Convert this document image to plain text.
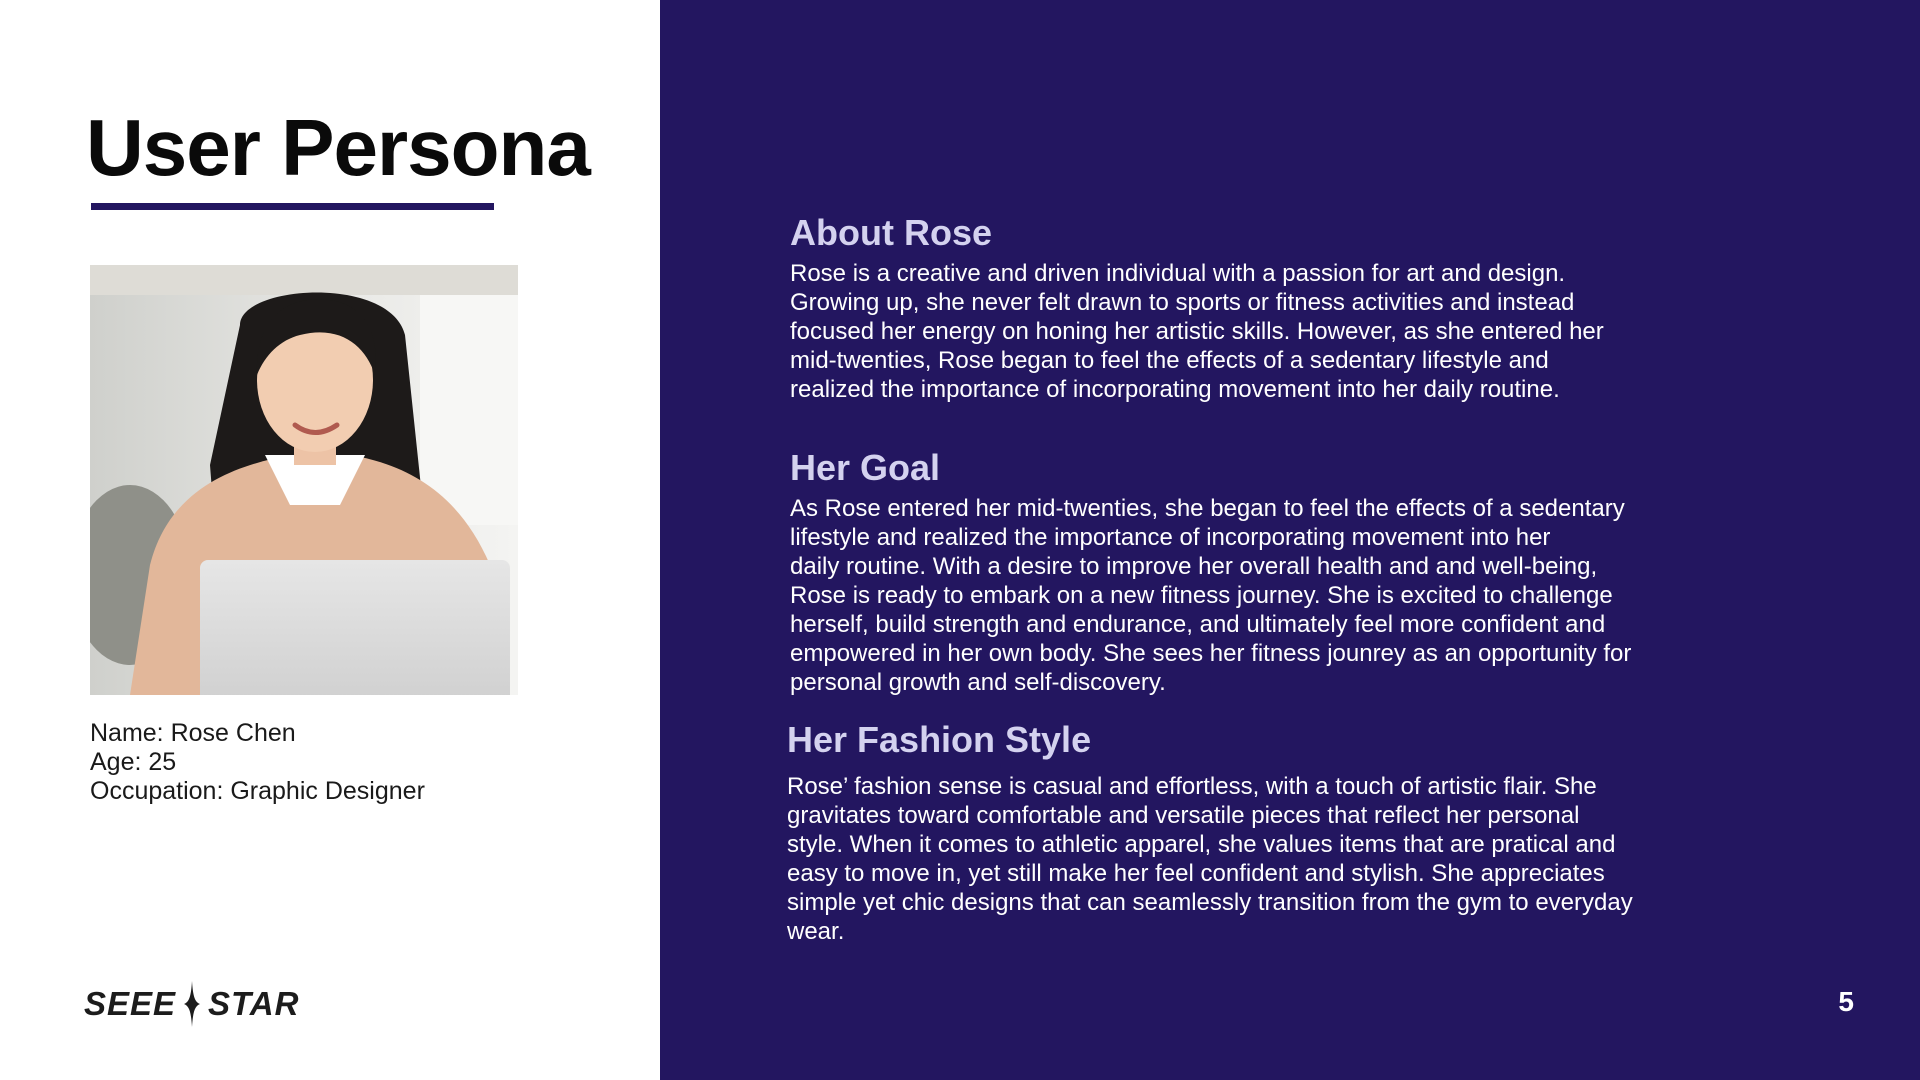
User Persona
Name: Rose Chen
Age: 25
Occupation: Graphic Designer
SEEE STAR
About Rose

Rose is a creative and driven individual with a passion for art and design.
Growing up, she never felt drawn to sports or fitness activities and instead
focused her energy on honing her artistic skills. However, as she entered her
mid-twenties, Rose began to feel the effects of a sedentary lifestyle and
realized the importance of incorporating movement into her daily routine.

Her Goal

As Rose entered her mid-twenties, she began to feel the effects of a sedentary
lifestyle and realized the importance of incorporating movement into her
daily routine. With a desire to improve her overall health and and well-being,
Rose is ready to embark on a new fitness journey. She is excited to challenge
herself, build strength and endurance, and ultimately feel more confident and
empowered in her own body. She sees her fitness jounrey as an opportunity for
personal growth and self-discovery.

Her Fashion Style

Rose’ fashion sense is casual and effortless, with a touch of artistic flair. She
gravitates toward comfortable and versatile pieces that reflect her personal
style. When it comes to athletic apparel, she values items that are pratical and
easy to move in, yet still make her feel confident and stylish. She appreciates
simple yet chic designs that can seamlessly transition from the gym to everyday
wear.

5
